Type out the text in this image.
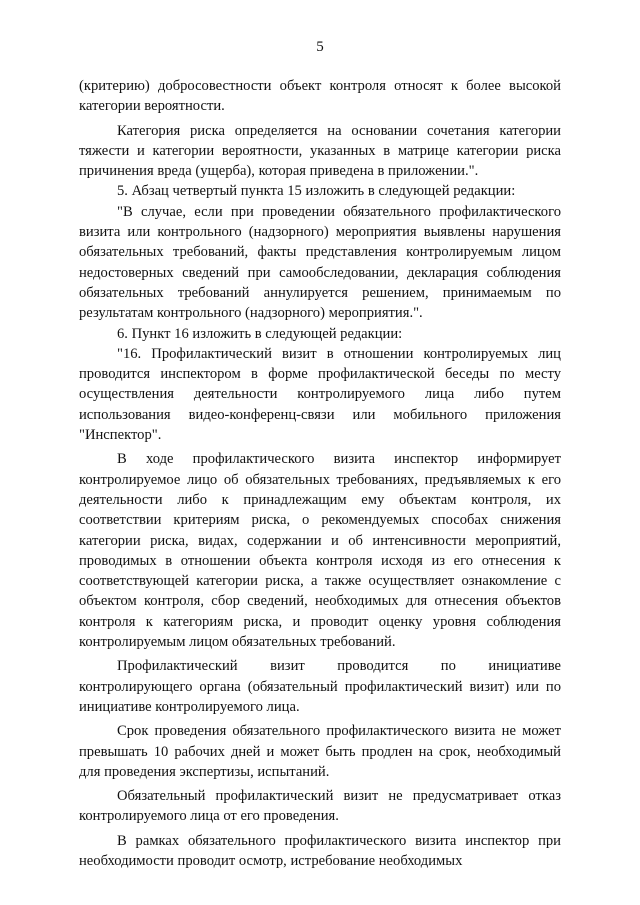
5

(критерию) добросовестности объект контроля относят к более высокой категории вероятности.

Категория риска определяется на основании сочетания категории тяжести и категории вероятности, указанных в матрице категории риска причинения вреда (ущерба), которая приведена в приложении.".

5. Абзац четвертый пункта 15 изложить в следующей редакции:

"В случае, если при проведении обязательного профилактического визита или контрольного (надзорного) мероприятия выявлены нарушения обязательных требований, факты представления контролируемым лицом недостоверных сведений при самообследовании, декларация соблюдения обязательных требований аннулируется решением, принимаемым по результатам контрольного (надзорного) мероприятия.".

6. Пункт 16 изложить в следующей редакции:

"16. Профилактический визит в отношении контролируемых лиц проводится инспектором в форме профилактической беседы по месту осуществления деятельности контролируемого лица либо путем использования видео-конференц-связи или мобильного приложения "Инспектор".

В ходе профилактического визита инспектор информирует контролируемое лицо об обязательных требованиях, предъявляемых к его деятельности либо к принадлежащим ему объектам контроля, их соответствии критериям риска, о рекомендуемых способах снижения категории риска, видах, содержании и об интенсивности мероприятий, проводимых в отношении объекта контроля исходя из его отнесения к соответствующей категории риска, а также осуществляет ознакомление с объектом контроля, сбор сведений, необходимых для отнесения объектов контроля к категориям риска, и проводит оценку уровня соблюдения контролируемым лицом обязательных требований.

Профилактический визит проводится по инициативе контролирующего органа (обязательный профилактический визит) или по инициативе контролируемого лица.

Срок проведения обязательного профилактического визита не может превышать 10 рабочих дней и может быть продлен на срок, необходимый для проведения экспертизы, испытаний.

Обязательный профилактический визит не предусматривает отказ контролируемого лица от его проведения.

В рамках обязательного профилактического визита инспектор при необходимости проводит осмотр, истребование необходимых
